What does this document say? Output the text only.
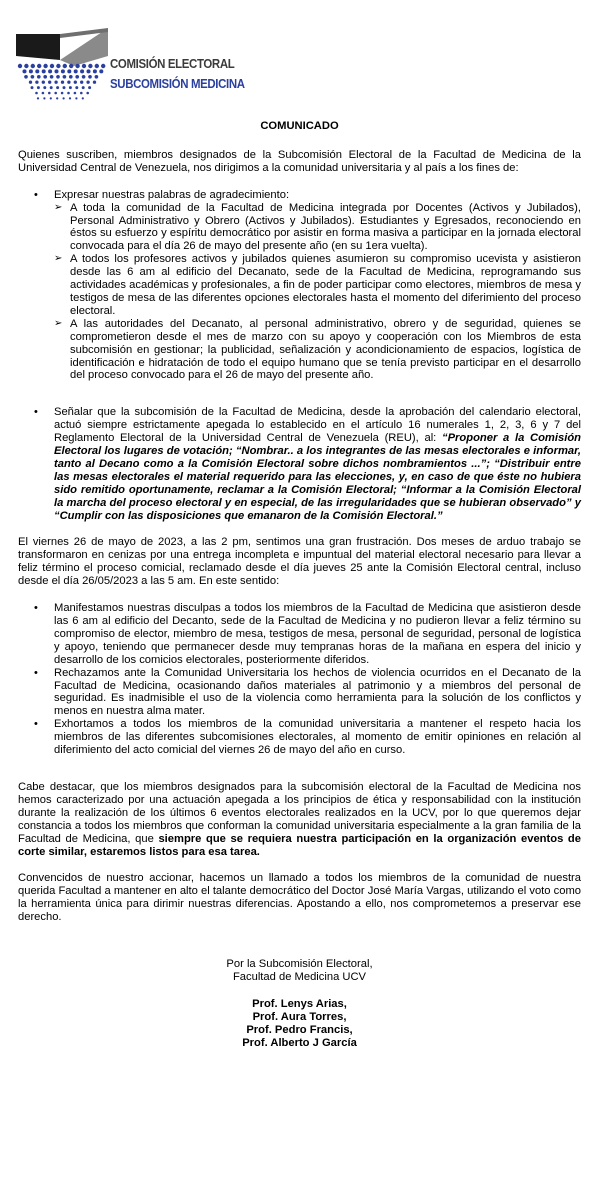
COMISIÓN ELECTORAL
SUBCOMISIÓN MEDICINA

COMUNICADO

Quienes suscriben, miembros designados de la Subcomisión Electoral de la Facultad de Medicina de la Universidad Central de Venezuela, nos dirigimos a la comunidad universitaria y al país a los fines de:

• Expresar nuestras palabras de agradecimiento:
➢ A toda la comunidad de la Facultad de Medicina integrada por Docentes (Activos y Jubilados), Personal Administrativo y Obrero (Activos y Jubilados). Estudiantes y Egresados, reconociendo en éstos su esfuerzo y espíritu democrático por asistir en forma masiva a participar en la jornada electoral convocada para el día 26 de mayo del presente año (en su 1era vuelta).
➢ A todos los profesores activos y jubilados quienes asumieron su compromiso ucevista y asistieron desde las 6 am al edificio del Decanato, sede de la Facultad de Medicina, reprogramando sus actividades académicas y profesionales, a fin de poder participar como electores, miembros de mesa y testigos de mesa de las diferentes opciones electorales hasta el momento del diferimiento del proceso electoral.
➢ A las autoridades del Decanato, al personal administrativo, obrero y de seguridad, quienes se comprometieron desde el mes de marzo con su apoyo y cooperación con los Miembros de esta subcomisión en gestionar; la publicidad, señalización y acondicionamiento de espacios, logística de identificación e hidratación de todo el equipo humano que se tenía previsto participar en el desarrollo del proceso convocado para el 26 de mayo del presente año.
• Señalar que la subcomisión de la Facultad de Medicina, desde la aprobación del calendario electoral, actuó siempre estrictamente apegada lo establecido en el artículo 16 numerales 1, 2, 3, 6 y 7 del Reglamento Electoral de la Universidad Central de Venezuela (REU), al: “Proponer a la Comisión Electoral los lugares de votación; “Nombrar.. a los integrantes de las mesas electorales e informar, tanto al Decano como a la Comisión Electoral sobre dichos nombramientos ...”; “Distribuir entre las mesas electorales el material requerido para las elecciones, y, en caso de que éste no hubiera sido remitido oportunamente, reclamar a la Comisión Electoral; “Informar a la Comisión Electoral la marcha del proceso electoral y en especial, de las irregularidades que se hubieran observado” y “Cumplir con las disposiciones que emanaron de la Comisión Electoral.”

El viernes 26 de mayo de 2023, a las 2 pm, sentimos una gran frustración. Dos meses de arduo trabajo se transformaron en cenizas por una entrega incompleta e impuntual del material electoral necesario para llevar a feliz término el proceso comicial, reclamado desde el día jueves 25 ante la Comisión Electoral central, incluso desde el día 26/05/2023 a las 5 am. En este sentido:

• Manifestamos nuestras disculpas a todos los miembros de la Facultad de Medicina que asistieron desde las 6 am al edificio del Decanto, sede de la Facultad de Medicina y no pudieron llevar a feliz término su compromiso de elector, miembro de mesa, testigos de mesa, personal de seguridad, personal de logística y apoyo, teniendo que permanecer desde muy tempranas horas de la mañana en espera del inicio y desarrollo de los comicios electorales, posteriormente diferidos.
• Rechazamos ante la Comunidad Universitaria los hechos de violencia ocurridos en el Decanato de la Facultad de Medicina, ocasionando daños materiales al patrimonio y a miembros del personal de seguridad. Es inadmisible el uso de la violencia como herramienta para la solución de los conflictos y menos en nuestra alma mater.
• Exhortamos a todos los miembros de la comunidad universitaria a mantener el respeto hacia los miembros de las diferentes subcomisiones electorales, al momento de emitir opiniones en relación al diferimiento del acto comicial del viernes 26 de mayo del año en curso.

Cabe destacar, que los miembros designados para la subcomisión electoral de la Facultad de Medicina nos hemos caracterizado por una actuación apegada a los principios de ética y responsabilidad con la institución durante la realización de los últimos 6 eventos electorales realizados en la UCV, por lo que queremos dejar constancia a todos los miembros que conforman la comunidad universitaria especialmente a la gran familia de la Facultad de Medicina, que siempre que se requiera nuestra participación en la organización eventos de corte similar, estaremos listos para esa tarea.

Convencidos de nuestro accionar, hacemos un llamado a todos los miembros de la comunidad de nuestra querida Facultad a mantener en alto el talante democrático del Doctor José María Vargas, utilizando el voto como la herramienta única para dirimir nuestras diferencias. Apostando a ello, nos comprometemos a preservar ese derecho.

Por la Subcomisión Electoral,
Facultad de Medicina UCV
Prof. Lenys Arias,
Prof. Aura Torres,
Prof. Pedro Francis,
Prof. Alberto J García
